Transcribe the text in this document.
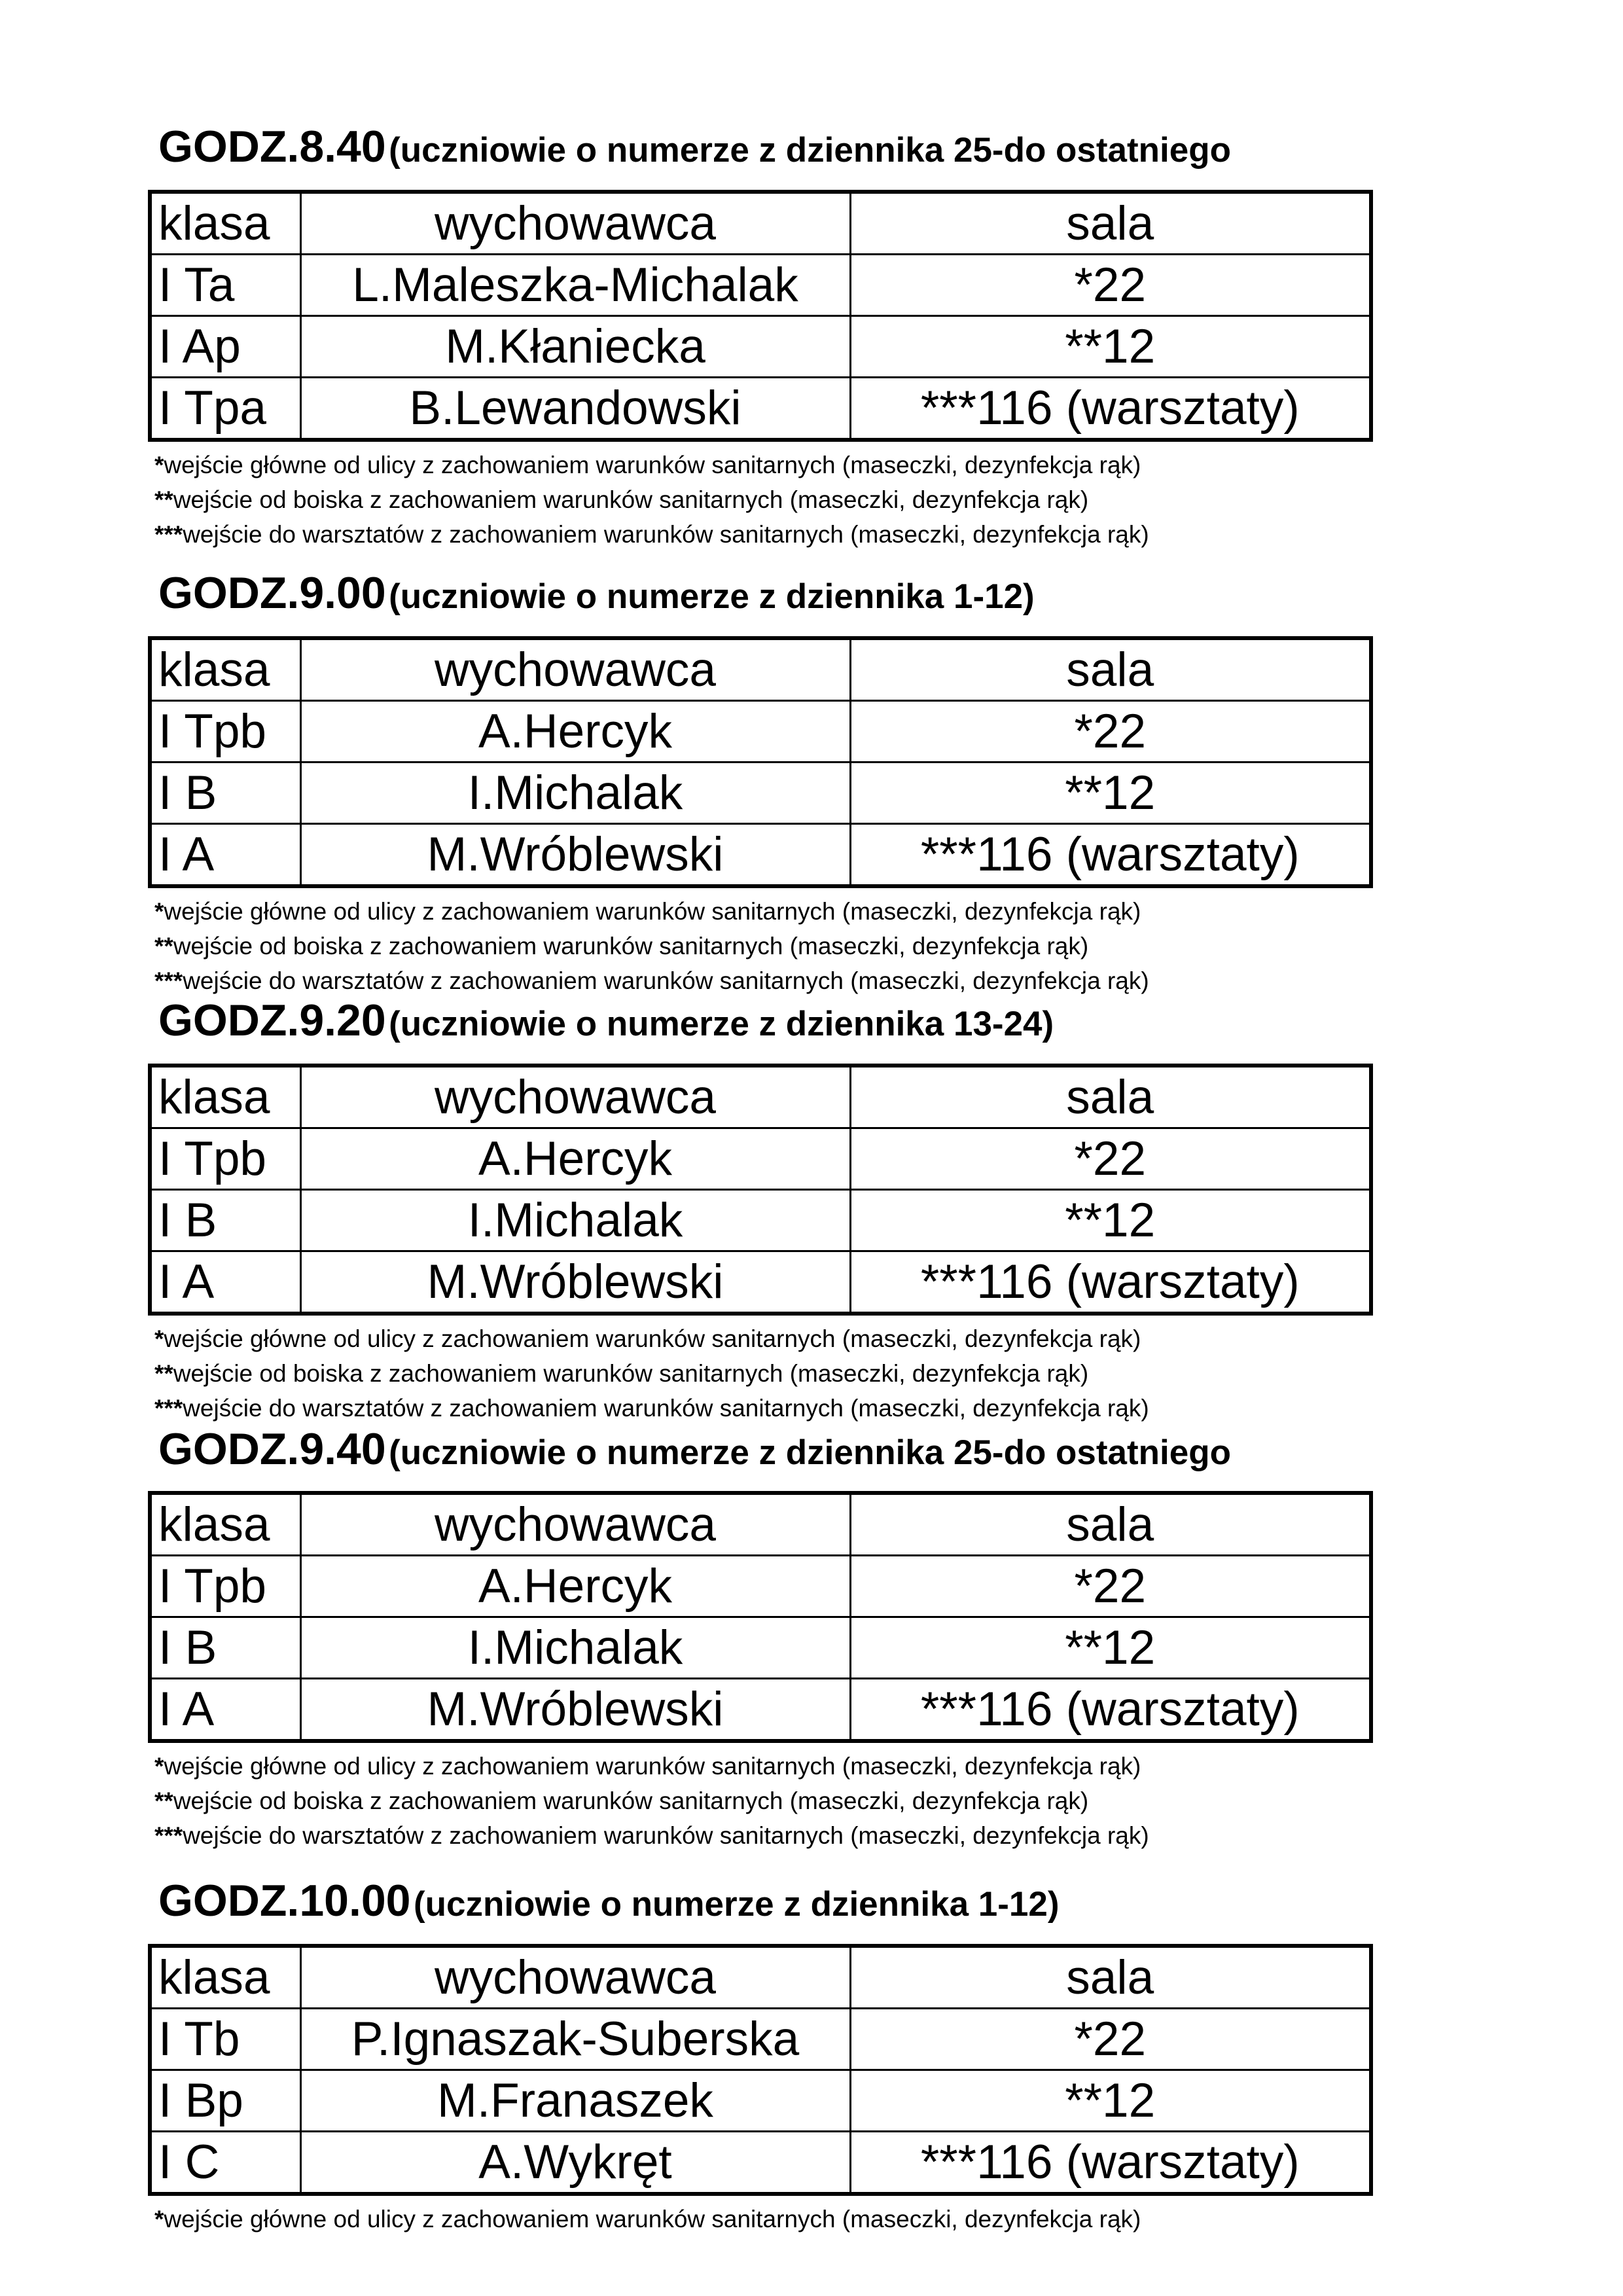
GODZ.8.40 (uczniowie o numerze z dziennika 25-do ostatniego
klasa	wychowawca	sala
I Ta	L.Maleszka-Michalak	*22
I Ap	M.Kłaniecka	**12
I Tpa	B.Lewandowski	***116 (warsztaty)
*wejście główne od ulicy z zachowaniem warunków sanitarnych (maseczki, dezynfekcja rąk)
**wejście od boiska z zachowaniem warunków sanitarnych (maseczki, dezynfekcja rąk)
***wejście do warsztatów z zachowaniem warunków sanitarnych (maseczki, dezynfekcja rąk)
GODZ.9.00 (uczniowie o numerze z dziennika 1-12)
klasa	wychowawca	sala
I Tpb	A.Hercyk	*22
I B	I.Michalak	**12
I A	M.Wróblewski	***116 (warsztaty)
*wejście główne od ulicy z zachowaniem warunków sanitarnych (maseczki, dezynfekcja rąk)
**wejście od boiska z zachowaniem warunków sanitarnych (maseczki, dezynfekcja rąk)
***wejście do warsztatów z zachowaniem warunków sanitarnych (maseczki, dezynfekcja rąk)
GODZ.9.20 (uczniowie o numerze z dziennika 13-24)
klasa	wychowawca	sala
I Tpb	A.Hercyk	*22
I B	I.Michalak	**12
I A	M.Wróblewski	***116 (warsztaty)
*wejście główne od ulicy z zachowaniem warunków sanitarnych (maseczki, dezynfekcja rąk)
**wejście od boiska z zachowaniem warunków sanitarnych (maseczki, dezynfekcja rąk)
***wejście do warsztatów z zachowaniem warunków sanitarnych (maseczki, dezynfekcja rąk)
GODZ.9.40 (uczniowie o numerze z dziennika 25-do ostatniego
klasa	wychowawca	sala
I Tpb	A.Hercyk	*22
I B	I.Michalak	**12
I A	M.Wróblewski	***116 (warsztaty)
*wejście główne od ulicy z zachowaniem warunków sanitarnych (maseczki, dezynfekcja rąk)
**wejście od boiska z zachowaniem warunków sanitarnych (maseczki, dezynfekcja rąk)
***wejście do warsztatów z zachowaniem warunków sanitarnych (maseczki, dezynfekcja rąk)
GODZ.10.00 (uczniowie o numerze z dziennika 1-12)
klasa	wychowawca	sala
I Tb	P.Ignaszak-Suberska	*22
I Bp	M.Franaszek	**12
I C	A.Wykręt	***116 (warsztaty)
*wejście główne od ulicy z zachowaniem warunków sanitarnych (maseczki, dezynfekcja rąk)
